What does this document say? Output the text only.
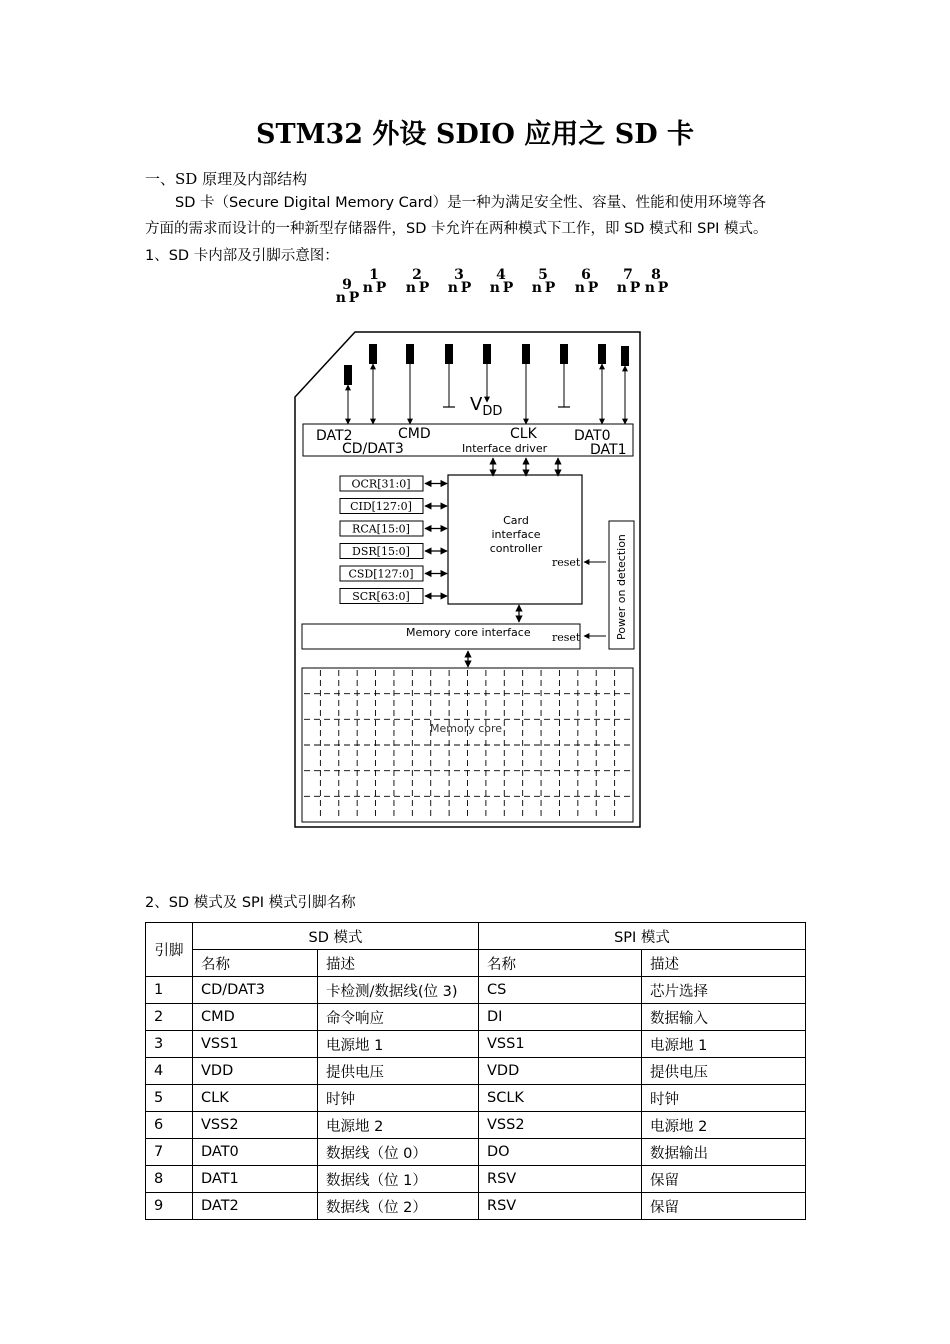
STM32 外设 SDIO 应用之 SD 卡
一、SD 原理及内部结构
SD 卡（Secure Digital Memory Card）是一种为满足安全性、容量、性能和使用环境等各
方面的需求而设计的一种新型存储器件，SD 卡允许在两种模式下工作，即 SD 模式和 SPI 模式。
1、SD 卡内部及引脚示意图：
9
n P
1
n P
2
n P
3
n P
4
n P
5
n P
6
n P
7
n P
8
n P
$V_{DD}$
DAT2	CMD	CLK	DAT0
CD/DAT3	Interface driver	DAT1
OCR[31:0]
CID[127:0]
RCA[15:0]
DSR[15:0]
CSD[127:0]
SCR[63:0]
Card
interface
controller
reset	Power on detection
Memory core interface reset
Memory core
2、SD 模式及 SPI 模式引脚名称
引脚	SD 模式		SPI 模式	
	名称	描述	名称	描述
1	CD/DAT3	卡检测/数据线(位 3)	CS	芯片选择
2	CMD	命令响应	DI	数据输入
3	VSS1	电源地 1	VSS1	电源地 1
4	VDD	提供电压	VDD	提供电压
5	CLK	时钟	SCLK	时钟
6	VSS2	电源地 2	VSS2	电源地 2
7	DAT0	数据线（位 0）	DO	数据输出
8	DAT1	数据线（位 1）	RSV	保留
9	DAT2	数据线（位 2）	RSV	保留
